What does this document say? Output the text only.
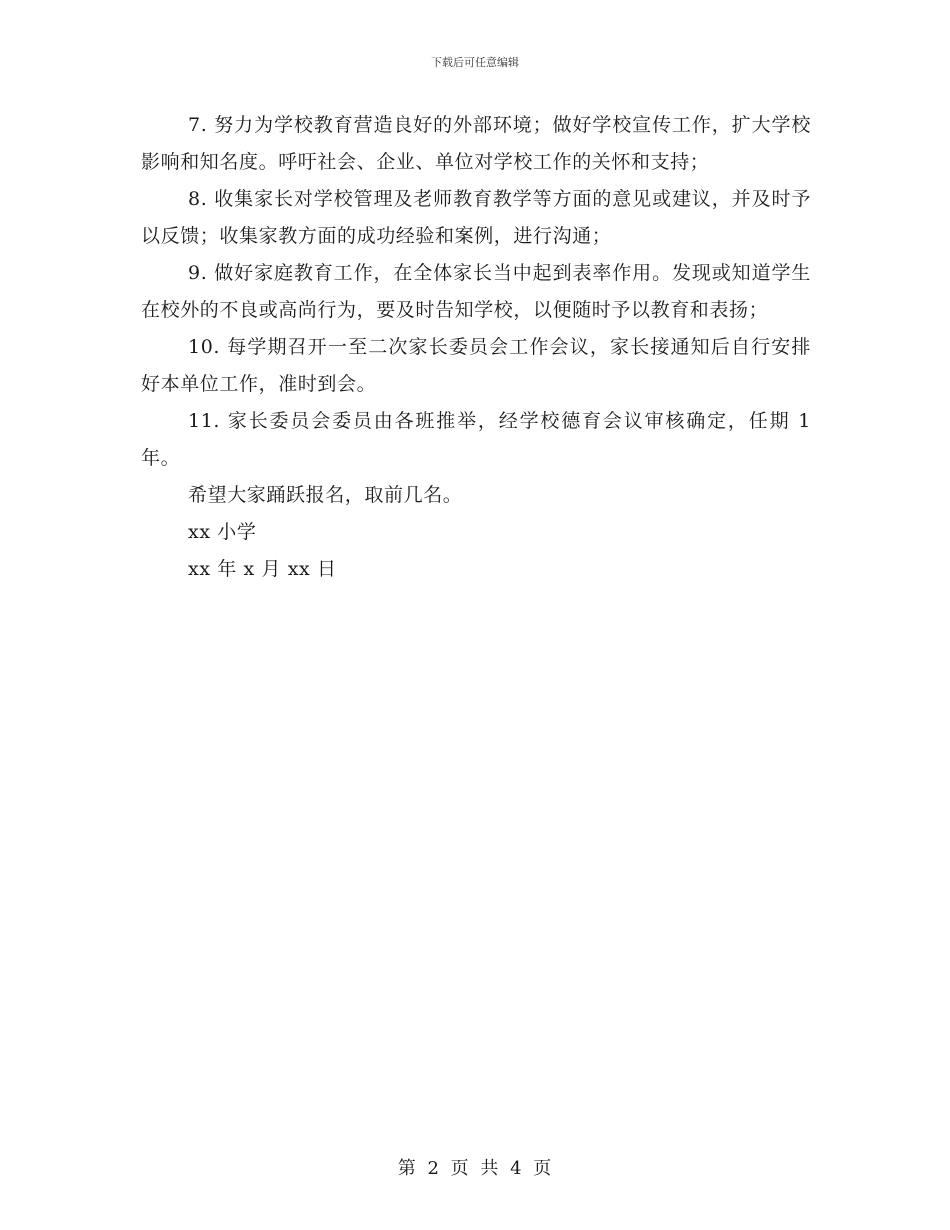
下载后可任意编辑

7. 努力为学校教育营造良好的外部环境；做好学校宣传工作，扩大学校影响和知名度。呼吁社会、企业、单位对学校工作的关怀和支持；

8. 收集家长对学校管理及老师教育教学等方面的意见或建议，并及时予以反馈；收集家教方面的成功经验和案例，进行沟通；

9. 做好家庭教育工作，在全体家长当中起到表率作用。发现或知道学生在校外的不良或高尚行为，要及时告知学校，以便随时予以教育和表扬；

10. 每学期召开一至二次家长委员会工作会议，家长接通知后自行安排好本单位工作，准时到会。

11. 家长委员会委员由各班推举，经学校德育会议审核确定，任期 1 年。

希望大家踊跃报名，取前几名。

xx 小学

xx 年 x 月 xx 日

第 2 页 共 4 页
